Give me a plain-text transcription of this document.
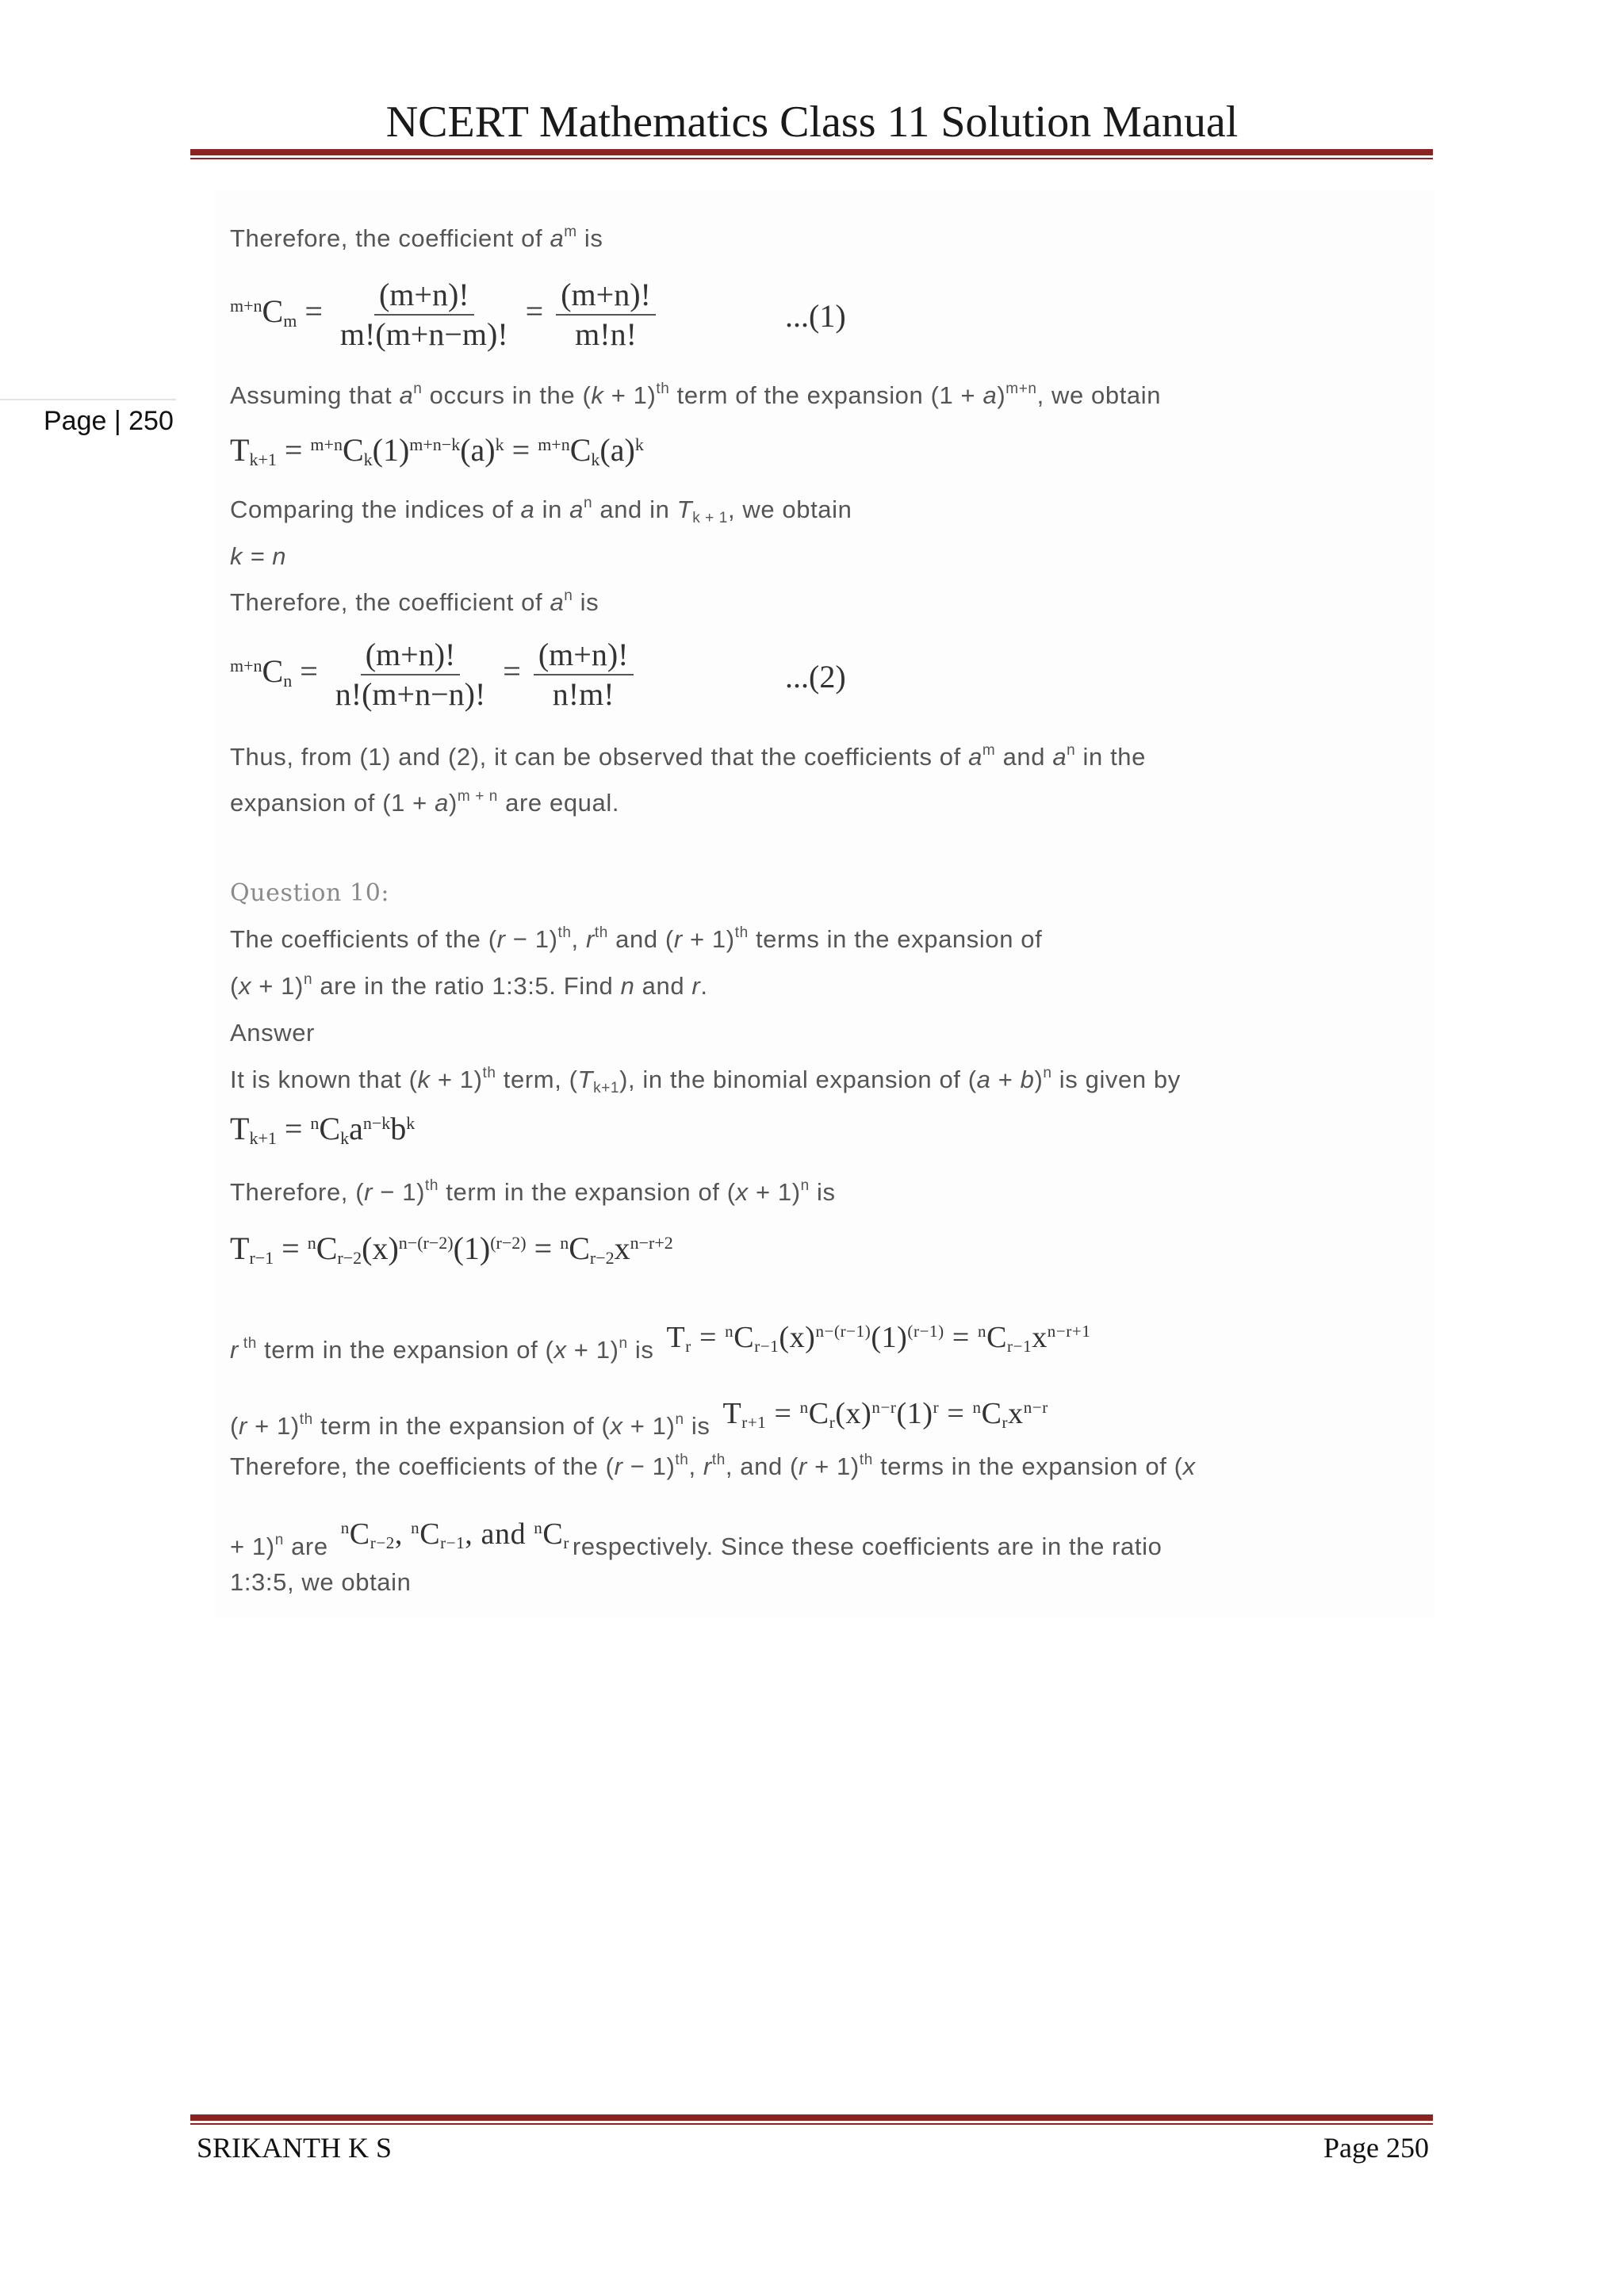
NCERT Mathematics Class 11 Solution Manual
Page | 250
Therefore, the coefficient of $a^m$ is
$^{m+n}C_m = \frac{(m+n)!}{m!(m+n-m)!} = \frac{(m+n)!}{m!n!}$	...(1)
Assuming that $a^n$ occurs in the $(k + 1)^{th}$ term of the expansion $(1 + a)^{m+n}$, we obtain
$T_{k+1} = ^{m+n}C_k(1)^{m+n-k}(a)^k = ^{m+n}C_k(a)^k$
Comparing the indices of a in $a^n$ and in $T_{k + 1}$, we obtain
k = n
Therefore, the coefficient of $a^n$ is
$^{m+n}C_n = \frac{(m+n)!}{n!(m+n-n)!} = \frac{(m+n)!}{n!m!}$	...(2)
Thus, from (1) and (2), it can be observed that the coefficients of $a^m$ and $a^n$ in the
expansion of $(1 + a)^{m + n}$ are equal.
Question 10:
The coefficients of the $(r - 1)^{th}$, $r^{th}$ and $(r + 1)^{th}$ terms in the expansion of
$(x + 1)^n$ are in the ratio 1:3:5. Find n and r.
Answer
It is known that $(k + 1)^{th}$ term, $(T_{k+1})$, in the binomial expansion of $(a + b)^n$ is given by
$T_{k+1} = ^nC_ka^{n-k}b^k$
Therefore, $(r - 1)^{th}$ term in the expansion of $(x + 1)^n$ is
$T_{r-1} = ^nC_{r-2}(x)^{n-(r-2)}(1)^{(r-2)} = ^nC_{r-2}x^{n-r+2}$
r $^{th}$ term in the expansion of $(x + 1)^n$ is $T_r = ^nC_{r-1}(x)^{n-(r-1)}(1)^{(r-1)} = ^nC_{r-1}x^{n-r+1}$
$(r + 1)^{th}$ term in the expansion of $(x + 1)^n$ is $T_{r+1} = ^nC_r(x)^{n-r}(1)^r = ^nC_rx^{n-r}$
Therefore, the coefficients of the $(r - 1)^{th}$, $r^{th}$, and $(r + 1)^{th}$ terms in the expansion of (x
+ 1)$^n$ $are^nC_{r-2}$, $^nC_{r-1}$, and $^nC_r$ respectively. Since these coefficients are in the ratio
1:3:5, we obtain
SRIKANTH K S	Page 250
